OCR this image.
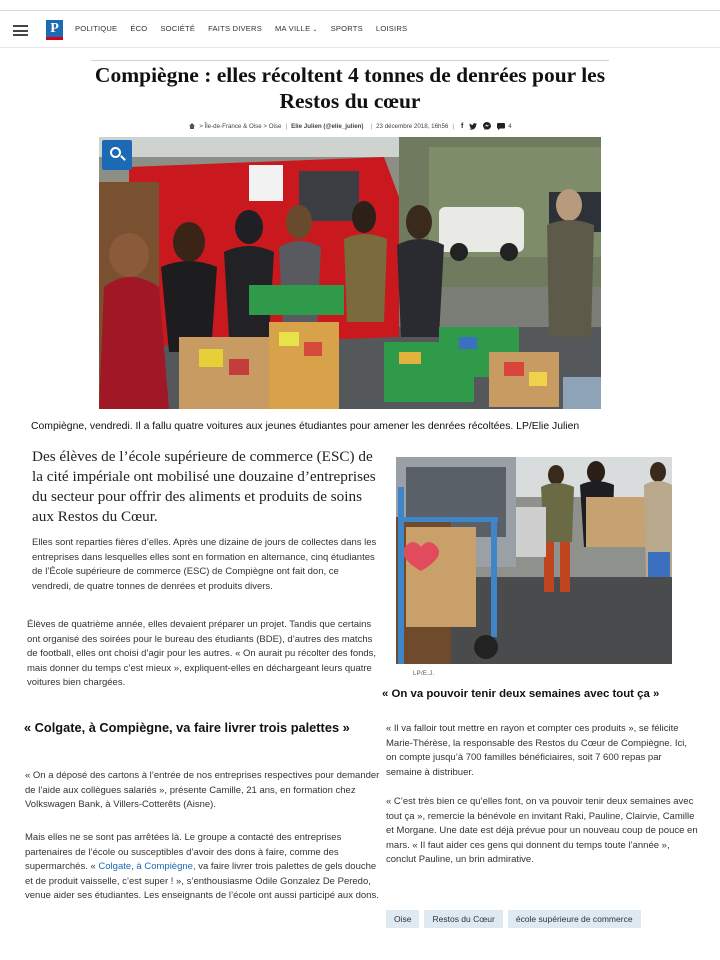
P	POLITIQUE ÉCO SOCIÉTÉ FAITS DIVERS MA VILLE ⌄ SPORTS LOISIRS
Compiègne : elles récoltent 4 tonnes de denrées pour les Restos du cœur
> Île-de-France & Oise > Oise | Elie Julien (@elie_julien) | 23 décembre 2018, 16h56 | f	4
Compiègne, vendredi. Il a fallu quatre voitures aux jeunes étudiantes pour amener les denrées récoltées. LP/Elie Julien

Des élèves de l’école supérieure de commerce (ESC) de la cité impériale ont mobilisé une douzaine d’entreprises du secteur pour offrir des aliments et produits de soins aux Restos du Cœur.

Elles sont reparties fières d’elles. Après une dizaine de jours de collectes dans les entreprises dans lesquelles elles sont en formation en alternance, cinq étudiantes de l’École supérieure de commerce (ESC) de Compiègne ont fait don, ce vendredi, de quatre tonnes de denrées et produits divers.

Élèves de quatrième année, elles devaient préparer un projet. Tandis que certains ont organisé des soirées pour le bureau des étudiants (BDE), d’autres des matchs de football, elles ont choisi d’agir pour les autres. « On aurait pu récolter des fonds, mais donner du temps c’est mieux », expliquent-elles en déchargeant leurs quatre voitures bien chargées.

« Colgate, à Compiègne, va faire livrer trois palettes »

« On a déposé des cartons à l’entrée de nos entreprises respectives pour demander de l’aide aux collègues salariés », présente Camille, 21 ans, en formation chez Volkswagen Bank, à Villers-Cotterêts (Aisne).

Mais elles ne se sont pas arrêtées là. Le groupe a contacté des entreprises partenaires de l’école ou susceptibles d’avoir des dons à faire, comme des supermarchés. « Colgate, à Compiègne, va faire livrer trois palettes de gels douche et de produit vaisselle, c’est super ! », s’enthousiasme Odile Gonzalez De Peredo, venue aider ses étudiantes. Les enseignants de l’école ont aussi participé aux dons.

LP/E.J.
« On va pouvoir tenir deux semaines avec tout ça »

« Il va falloir tout mettre en rayon et compter ces produits », se félicite Marie-Thérèse, la responsable des Restos du Cœur de Compiègne. Ici, on compte jusqu’à 700 familles bénéficiaires, soit 7 600 repas par semaine à distribuer.

« C’est très bien ce qu’elles font, on va pouvoir tenir deux semaines avec tout ça », remercie la bénévole en invitant Raki, Pauline, Clairvie, Camille et Morgane. Une date est déjà prévue pour un nouveau coup de pouce en mars. « Il faut aider ces gens qui donnent du temps toute l’année », conclut Pauline, un brin admirative.

Oise	Restos du Cœur	école supérieure de commerce
